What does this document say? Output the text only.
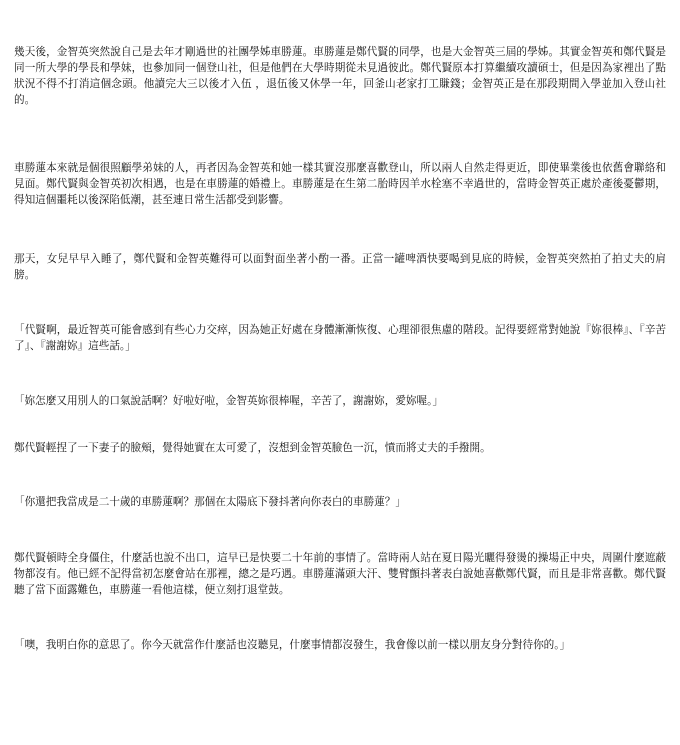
幾天後，金智英突然說自己是去年才剛過世的社團學姊車勝蓮。車勝蓮是鄭代賢的同學，也是大金智英三屆的學姊。其實金智英和鄭代賢是同一所大學的學長和學妹，也參加同一個登山社，但是他們在大學時期從未見過彼此。鄭代賢原本打算繼續攻讀碩士，但是因為家裡出了點狀況不得不打消這個念頭。他讀完大三以後才入伍 ，退伍後又休學一年，回釜山老家打工賺錢；金智英正是在那段期間入學並加入登山社的。

車勝蓮本來就是個很照顧學弟妹的人，再者因為金智英和她一樣其實沒那麼喜歡登山，所以兩人自然走得更近，即使畢業後也依舊會聯絡和見面。鄭代賢與金智英初次相遇，也是在車勝蓮的婚禮上。車勝蓮是在生第二胎時因羊水栓塞不幸過世的，當時金智英正處於產後憂鬱期，得知這個噩耗以後深陷低潮，甚至連日常生活都受到影響。

那天，女兒早早入睡了，鄭代賢和金智英難得可以面對面坐著小酌一番。正當一罐啤酒快要喝到見底的時候，金智英突然拍了拍丈夫的肩膀。

「代賢啊，最近智英可能會感到有些心力交瘁，因為她正好處在身體漸漸恢復、心理卻很焦慮的階段。記得要經常對她說『妳很棒』、『辛苦了』、『謝謝妳』這些話。」

「妳怎麼又用別人的口氣說話啊？好啦好啦，金智英妳很棒喔，辛苦了，謝謝妳，愛妳喔。」

鄭代賢輕捏了一下妻子的臉頰，覺得她實在太可愛了，沒想到金智英臉色一沉，憤而將丈夫的手撥開。

「你還把我當成是二十歲的車勝蓮啊？那個在太陽底下發抖著向你表白的車勝蓮？」

鄭代賢頓時全身僵住，什麼話也說不出口，這早已是快要二十年前的事情了。當時兩人站在夏日陽光曬得發燙的操場正中央，周圍什麼遮蔽物都沒有。他已經不記得當初怎麼會站在那裡，總之是巧遇。車勝蓮滿頭大汗、雙臂顫抖著表白說她喜歡鄭代賢，而且是非常喜歡。鄭代賢聽了當下面露難色，車勝蓮一看他這樣，便立刻打退堂鼓。

「噢，我明白你的意思了。你今天就當作什麼話也沒聽見，什麼事情都沒發生，我會像以前一樣以朋友身分對待你的。」
